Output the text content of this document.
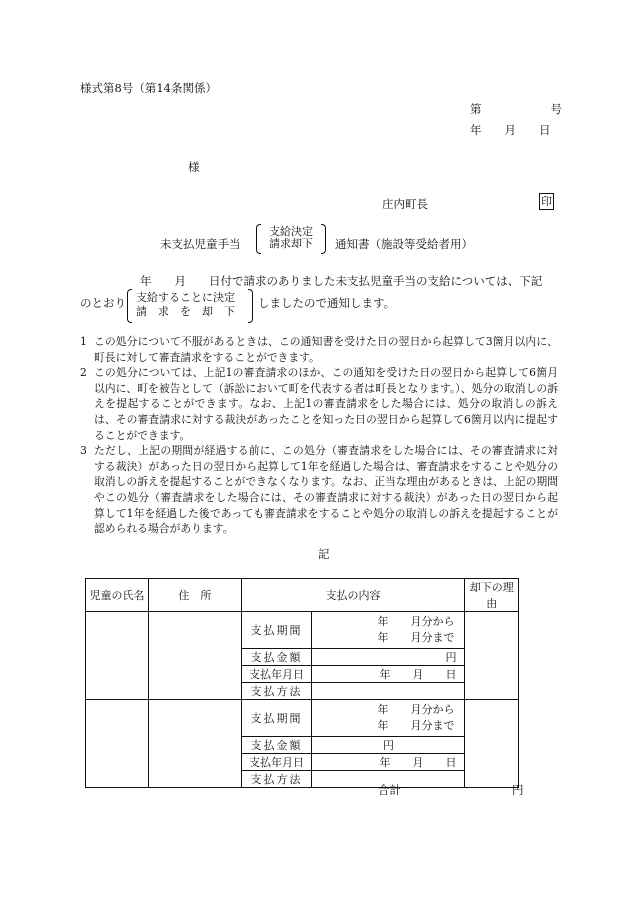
様式第8号（第14条関係）
第　　　　　　号
年　　月　　日
様
庄内町長	印
未支払児童手当
支給決定
請求却下	通知書（施設等受給者用）
年　　月　　日付で請求のありました未支払児童手当の支給については、下記
のとおり 支給することに決定
請　求　を　却　下
しましたので通知します。
1 この処分について不服があるときは、この通知書を受けた日の翌日から起算して3箇月以内に、町長に対して審査請求をすることができます。
2 この処分については、上記1の審査請求のほか、この通知を受けた日の翌日から起算して6箇月以内に、町を被告として（訴訟において町を代表する者は町長となります。）、処分の取消しの訴えを提起することができます。なお、上記1の審査請求をした場合には、処分の取消しの訴えは、その審査請求に対する裁決があったことを知った日の翌日から起算して6箇月以内に提起することができます。
3 ただし、上記の期間が経過する前に、この処分（審査請求をした場合には、その審査請求に対する裁決）があった日の翌日から起算して1年を経過した場合は、審査請求をすることや処分の取消しの訴えを提起することができなくなります。なお、正当な理由があるときは、上記の期間やこの処分（審査請求をした場合には、その審査請求に対する裁決）があった日の翌日から起算して1年を経過した後であっても審査請求をすることや処分の取消しの訴えを提起することが認められる場合があります。
記
児童の氏名	住　所	支払の内容		却下の理由
		支払期間	年　　月分から
年　　月分まで	

		支払金額	円	
		支払年月日	年　　月　　日	
		支払方法		
		支払期間	年　　月分から
年　　月分まで	

		支払金額	円	
		支払年月日	年　　月　　日	
		支払方法		
合計	円
